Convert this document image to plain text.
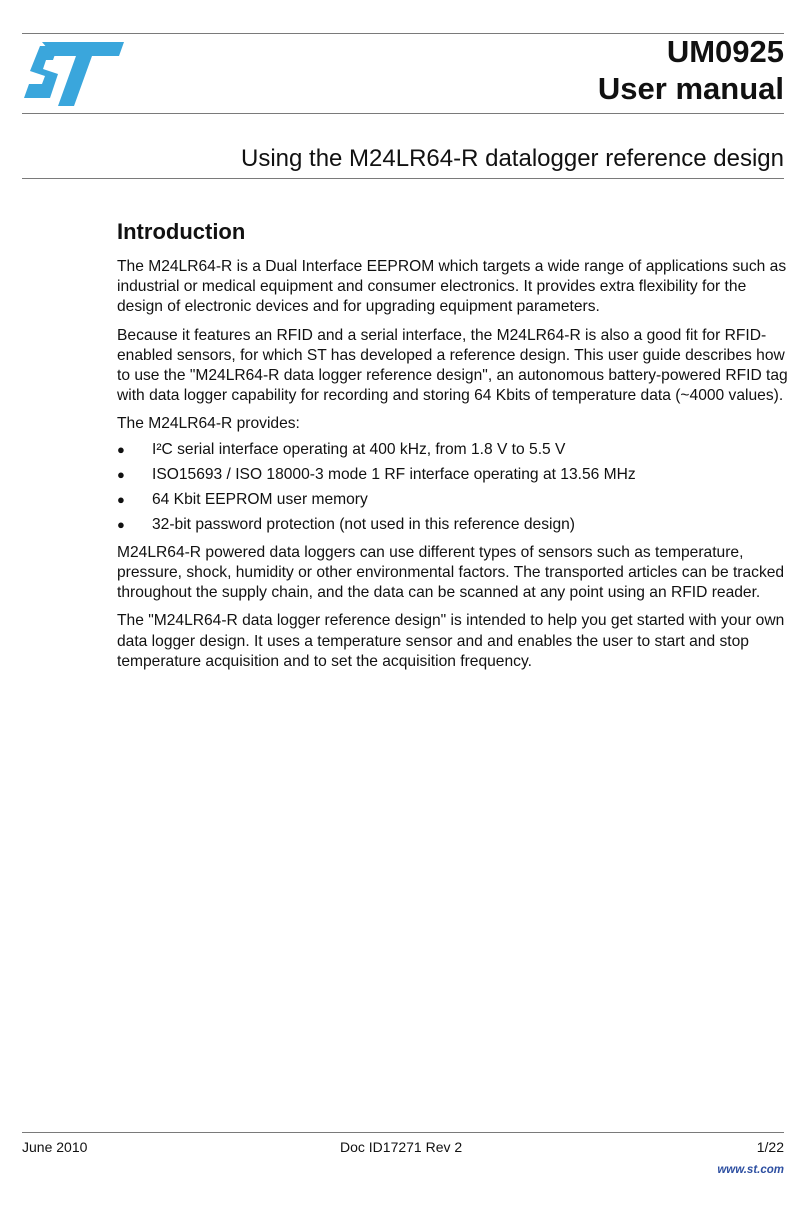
UM0925
User manual
Using the M24LR64-R datalogger reference design
Introduction

The M24LR64-R is a Dual Interface EEPROM which targets a wide range of applications such as industrial or medical equipment and consumer electronics. It provides extra flexibility for the design of electronic devices and for upgrading equipment parameters.

Because it features an RFID and a serial interface, the M24LR64-R is also a good fit for RFID-enabled sensors, for which ST has developed a reference design. This user guide describes how to use the "M24LR64-R data logger reference design", an autonomous battery-powered RFID tag with data logger capability for recording and storing 64 Kbits of temperature data (~4000 values).

The M24LR64-R provides:

● I²C serial interface operating at 400 kHz, from 1.8 V to 5.5 V
● ISO15693 / ISO 18000-3 mode 1 RF interface operating at 13.56 MHz
● 64 Kbit EEPROM user memory
● 32-bit password protection (not used in this reference design)

M24LR64-R powered data loggers can use different types of sensors such as temperature, pressure, shock, humidity or other environmental factors. The transported articles can be tracked throughout the supply chain, and the data can be scanned at any point using an RFID reader.

The "M24LR64-R data logger reference design" is intended to help you get started with your own data logger design. It uses a temperature sensor and and enables the user to start and stop temperature acquisition and to set the acquisition frequency.

June 2010	Doc ID17271 Rev 2	1/22
www.st.com
